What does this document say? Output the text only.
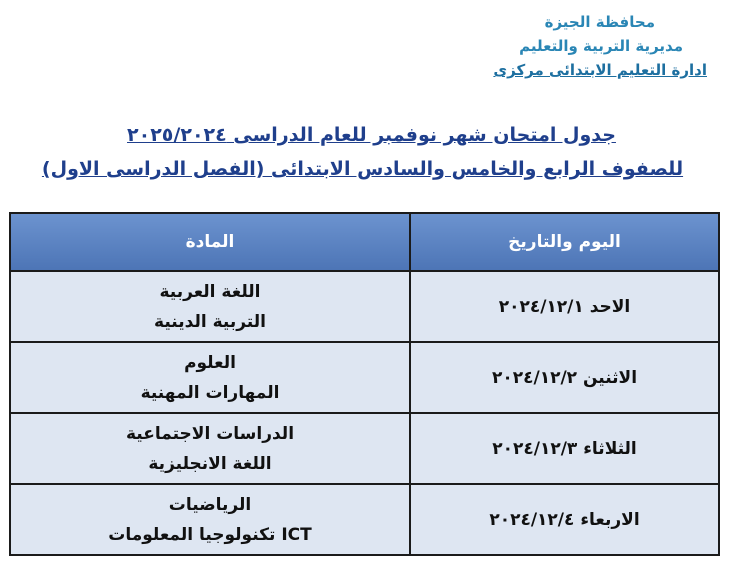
محافظة الجيزة
مديرية التربية والتعليم
ادارة التعليم الابتدائى مركزى
جدول امتحان شهر نوفمبر للعام الدراسى ٢٠٢٥/٢٠٢٤
للصفوف الرابع والخامس والسادس الابتدائى (الفصل الدراسى الاول)
اليوم والتاريخ	المادة

الاحد ٢٠٢٤/١٢/١	اللغة العربية
التربية الدينية

الاثنين ٢٠٢٤/١٢/٢	العلوم
المهارات المهنية

الثلاثاء ٢٠٢٤/١٢/٣	الدراسات الاجتماعية
اللغة الانجليزية

الاربعاء ٢٠٢٤/١٢/٤	الرياضيات
ICT تكنولوجيا المعلومات
